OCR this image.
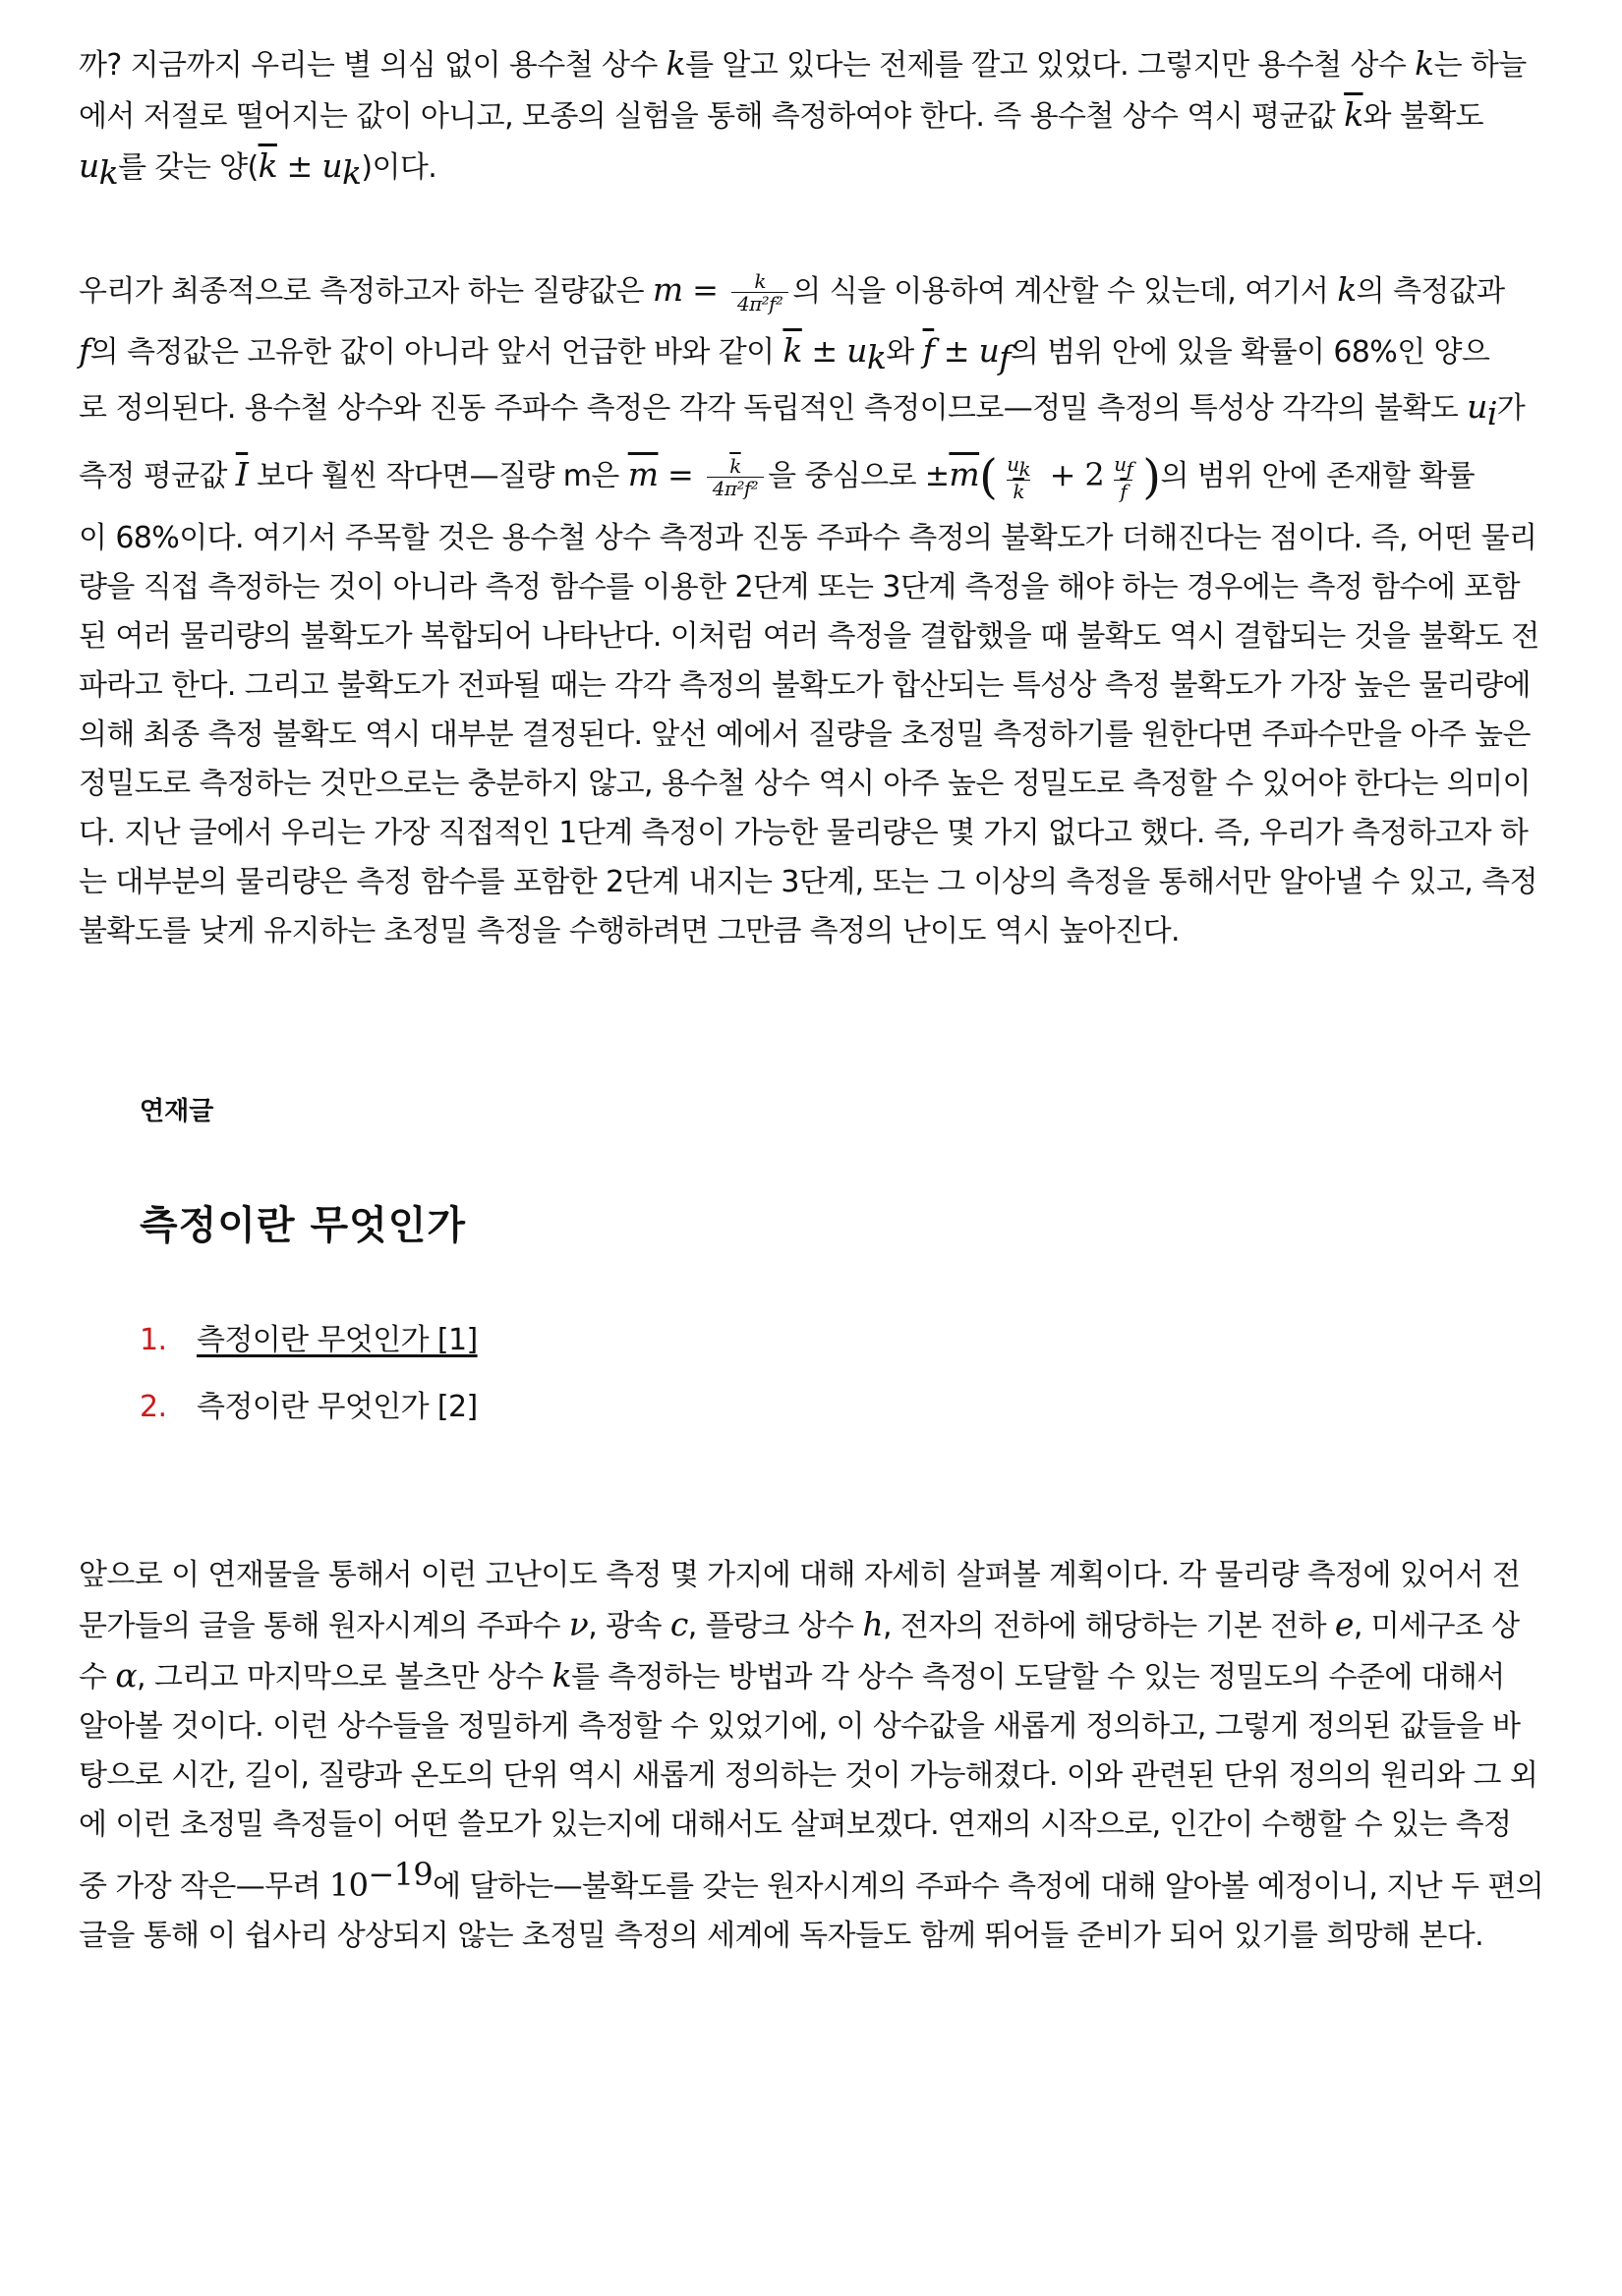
까? 지금까지 우리는 별 의심 없이 용수철 상수 k를 알고 있다는 전제를 깔고 있었다. 그렇지만 용수철 상수 k는 하늘
에서 저절로 떨어지는 값이 아니고, 모종의 실험을 통해 측정하여야 한다. 즉 용수철 상수 역시 평균값 $\overline{k}$와 불확도
$u_k$를 갖는 양$(\overline{k} \pm u_k)$이다.

우리가 최종적으로 측정하고자 하는 질량값은 $m = \frac{k}{\text{4π²f²}}$ 의 식을 이용하여 계산할 수 있는데, 여기서 k의 측정값과
f의 측정값은 고유한 값이 아니라 앞서 언급한 바와 같이 $\overline{k} \pm u_k$와 $\overline{f} \pm u_f$의 범위 안에 있을 확률이 68%인 양으
로 정의된다. 용수철 상수와 진동 주파수 측정은 각각 독립적인 측정이므로—정밀 측정의 특성상 각각의 불확도 $u_i$가
측정 평균값 $\overline{I}$ 보다 훨씬 작다면—질량 m은 $\overline{m} = \frac{\overline{k}}{\text{4π²f²}}$ 을 중심으로 $\pm\overline{m}( \frac{u_k}{k} + 2 \frac{u_f}{f}$ )의 범위 안에 존재할 확률
이 68%이다. 여기서 주목할 것은 용수철 상수 측정과 진동 주파수 측정의 불확도가 더해진다는 점이다. 즉, 어떤 물리
량을 직접 측정하는 것이 아니라 측정 함수를 이용한 2단계 또는 3단계 측정을 해야 하는 경우에는 측정 함수에 포함
된 여러 물리량의 불확도가 복합되어 나타난다. 이처럼 여러 측정을 결합했을 때 불확도 역시 결합되는 것을 불확도 전
파라고 한다. 그리고 불확도가 전파될 때는 각각 측정의 불확도가 합산되는 특성상 측정 불확도가 가장 높은 물리량에
의해 최종 측정 불확도 역시 대부분 결정된다. 앞선 예에서 질량을 초정밀 측정하기를 원한다면 주파수만을 아주 높은
정밀도로 측정하는 것만으로는 충분하지 않고, 용수철 상수 역시 아주 높은 정밀도로 측정할 수 있어야 한다는 의미이
다. 지난 글에서 우리는 가장 직접적인 1단계 측정이 가능한 물리량은 몇 가지 없다고 했다. 즉, 우리가 측정하고자 하
는 대부분의 물리량은 측정 함수를 포함한 2단계 내지는 3단계, 또는 그 이상의 측정을 통해서만 알아낼 수 있고, 측정
불확도를 낮게 유지하는 초정밀 측정을 수행하려면 그만큼 측정의 난이도 역시 높아진다.

연재글

측정이란 무엇인가
1. 측정이란 무엇인가 [1]
2. 측정이란 무엇인가 [2]

앞으로 이 연재물을 통해서 이런 고난이도 측정 몇 가지에 대해 자세히 살펴볼 계획이다. 각 물리량 측정에 있어서 전
문가들의 글을 통해 원자시계의 주파수 ν, 광속 c, 플랑크 상수 h, 전자의 전하에 해당하는 기본 전하 e, 미세구조 상
수 α, 그리고 마지막으로 볼츠만 상수 k를 측정하는 방법과 각 상수 측정이 도달할 수 있는 정밀도의 수준에 대해서
알아볼 것이다. 이런 상수들을 정밀하게 측정할 수 있었기에, 이 상수값을 새롭게 정의하고, 그렇게 정의된 값들을 바
탕으로 시간, 길이, 질량과 온도의 단위 역시 새롭게 정의하는 것이 가능해졌다. 이와 관련된 단위 정의의 원리와 그 외
에 이런 초정밀 측정들이 어떤 쓸모가 있는지에 대해서도 살펴보겠다. 연재의 시작으로, 인간이 수행할 수 있는 측정
중 가장 작은—무려 $10^{-19}$에 달하는—불확도를 갖는 원자시계의 주파수 측정에 대해 알아볼 예정이니, 지난 두 편의
글을 통해 이 쉽사리 상상되지 않는 초정밀 측정의 세계에 독자들도 함께 뛰어들 준비가 되어 있기를 희망해 본다.
